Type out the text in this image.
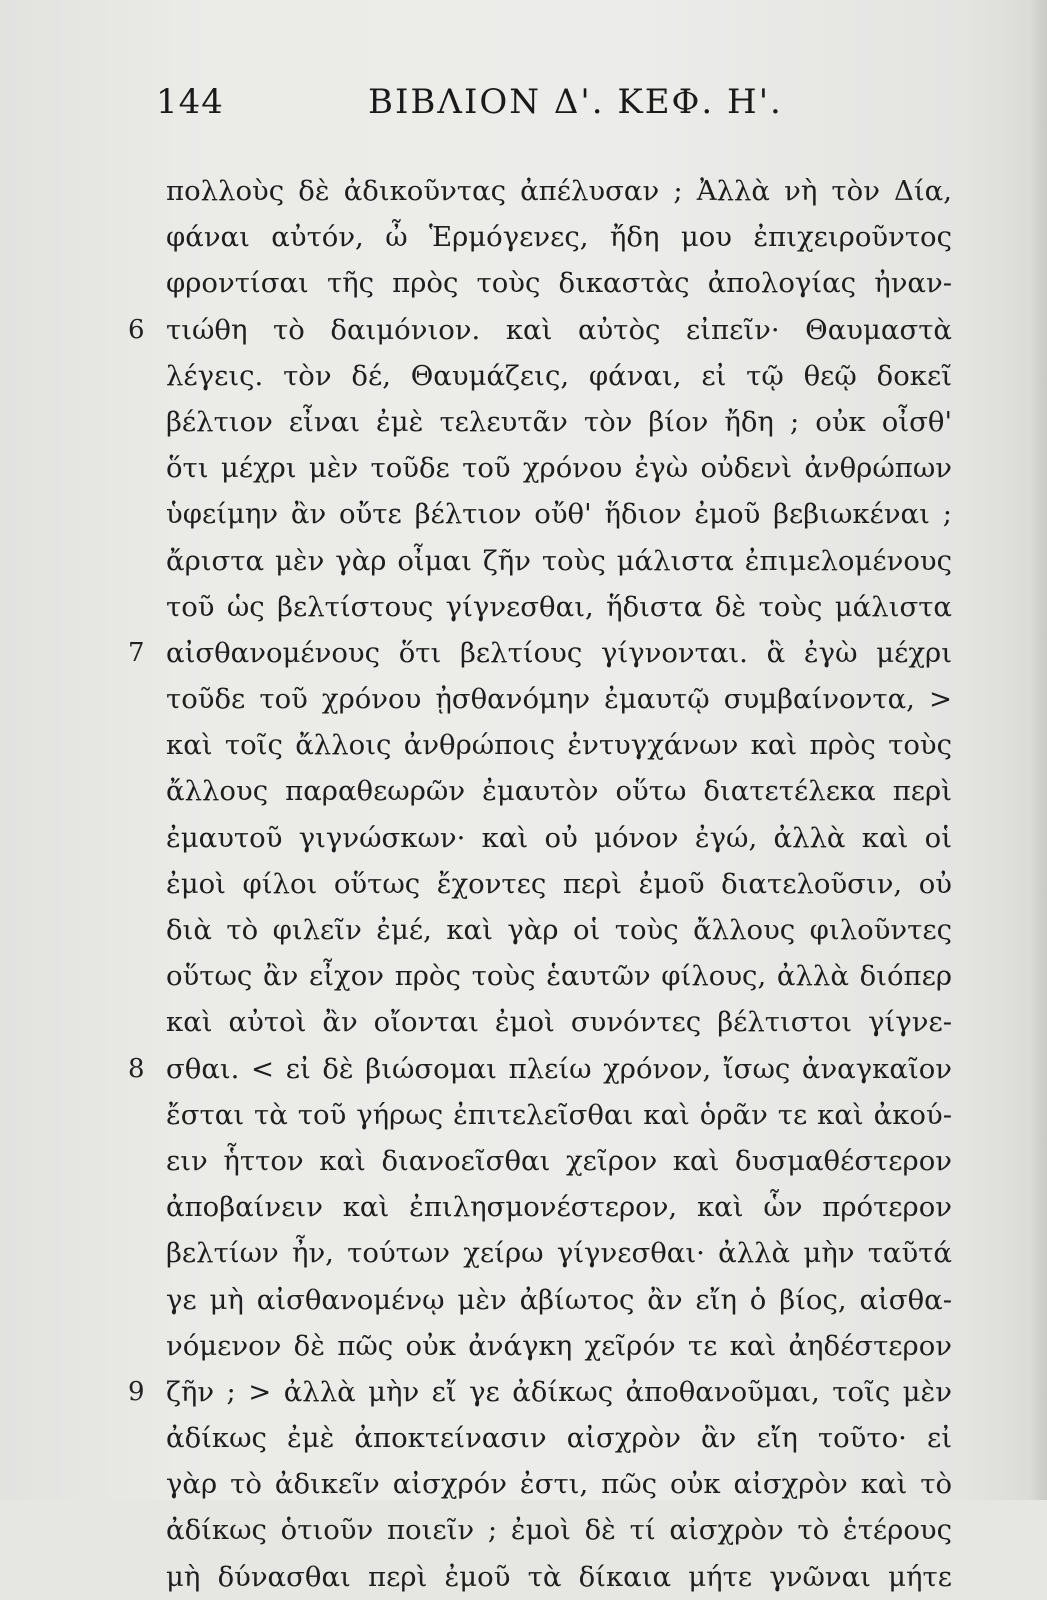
144	ΒΙΒΛΙΟΝ Δ'. ΚΕΦ. Η'.
πολλοὺς δὲ ἀδικοῦντας ἀπέλυσαν ; Ἀλλὰ νὴ τὸν Δία,
φάναι αὐτόν, ὦ Ἑρμόγενες, ἤδη μου ἐπιχειροῦντος
φροντίσαι τῆς πρὸς τοὺς δικαστὰς ἀπολογίας ἠναν-
6 τιώθη τὸ δαιμόνιον. καὶ αὐτὸς εἰπεῖν· Θαυμαστὰ
λέγεις. τὸν δέ, Θαυμάζεις, φάναι, εἰ τῷ θεῷ δοκεῖ
βέλτιον εἶναι ἐμὲ τελευτᾶν τὸν βίον ἤδη ; οὐκ οἶσθ'
ὅτι μέχρι μὲν τοῦδε τοῦ χρόνου ἐγὼ οὐδενὶ ἀνθρώπων
ὑφείμην ἂν οὔτε βέλτιον οὔθ' ἥδιον ἐμοῦ βεβιωκέναι ;
ἄριστα μὲν γὰρ οἶμαι ζῆν τοὺς μάλιστα ἐπιμελομένους
τοῦ ὡς βελτίστους γίγνεσθαι, ἥδιστα δὲ τοὺς μάλιστα
7 αἰσθανομένους ὅτι βελτίους γίγνονται. ἃ ἐγὼ μέχρι
τοῦδε τοῦ χρόνου ᾐσθανόμην ἐμαυτῷ συμβαίνοντα, >
καὶ τοῖς ἄλλοις ἀνθρώποις ἐντυγχάνων καὶ πρὸς τοὺς
ἄλλους παραθεωρῶν ἐμαυτὸν οὕτω διατετέλεκα περὶ
ἐμαυτοῦ γιγνώσκων· καὶ οὐ μόνον ἐγώ, ἀλλὰ καὶ οἱ
ἐμοὶ φίλοι οὕτως ἔχοντες περὶ ἐμοῦ διατελοῦσιν, οὐ
διὰ τὸ φιλεῖν ἐμέ, καὶ γὰρ οἱ τοὺς ἄλλους φιλοῦντες
οὕτως ἂν εἶχον πρὸς τοὺς ἑαυτῶν φίλους, ἀλλὰ διόπερ
καὶ αὐτοὶ ἂν οἴονται ἐμοὶ συνόντες βέλτιστοι γίγνε-
8 σθαι. < εἰ δὲ βιώσομαι πλείω χρόνον, ἴσως ἀναγκαῖον
ἔσται τὰ τοῦ γήρως ἐπιτελεῖσθαι καὶ ὁρᾶν τε καὶ ἀκού-
ειν ἧττον καὶ διανοεῖσθαι χεῖρον καὶ δυσμαθέστερον
ἀποβαίνειν καὶ ἐπιλησμονέστερον, καὶ ὧν πρότερον
βελτίων ἦν, τούτων χείρω γίγνεσθαι· ἀλλὰ μὴν ταῦτά
γε μὴ αἰσθανομένῳ μὲν ἀβίωτος ἂν εἴη ὁ βίος, αἰσθα-
νόμενον δὲ πῶς οὐκ ἀνάγκη χεῖρόν τε καὶ ἀηδέστερον
9 ζῆν ; > ἀλλὰ μὴν εἴ γε ἀδίκως ἀποθανοῦμαι, τοῖς μὲν
ἀδίκως ἐμὲ ἀποκτείνασιν αἰσχρὸν ἂν εἴη τοῦτο· εἰ
γὰρ τὸ ἀδικεῖν αἰσχρόν ἐστι, πῶς οὐκ αἰσχρὸν καὶ τὸ
ἀδίκως ὁτιοῦν ποιεῖν ; ἐμοὶ δὲ τί αἰσχρὸν τὸ ἑτέρους
μὴ δύνασθαι περὶ ἐμοῦ τὰ δίκαια μήτε γνῶναι μήτε
